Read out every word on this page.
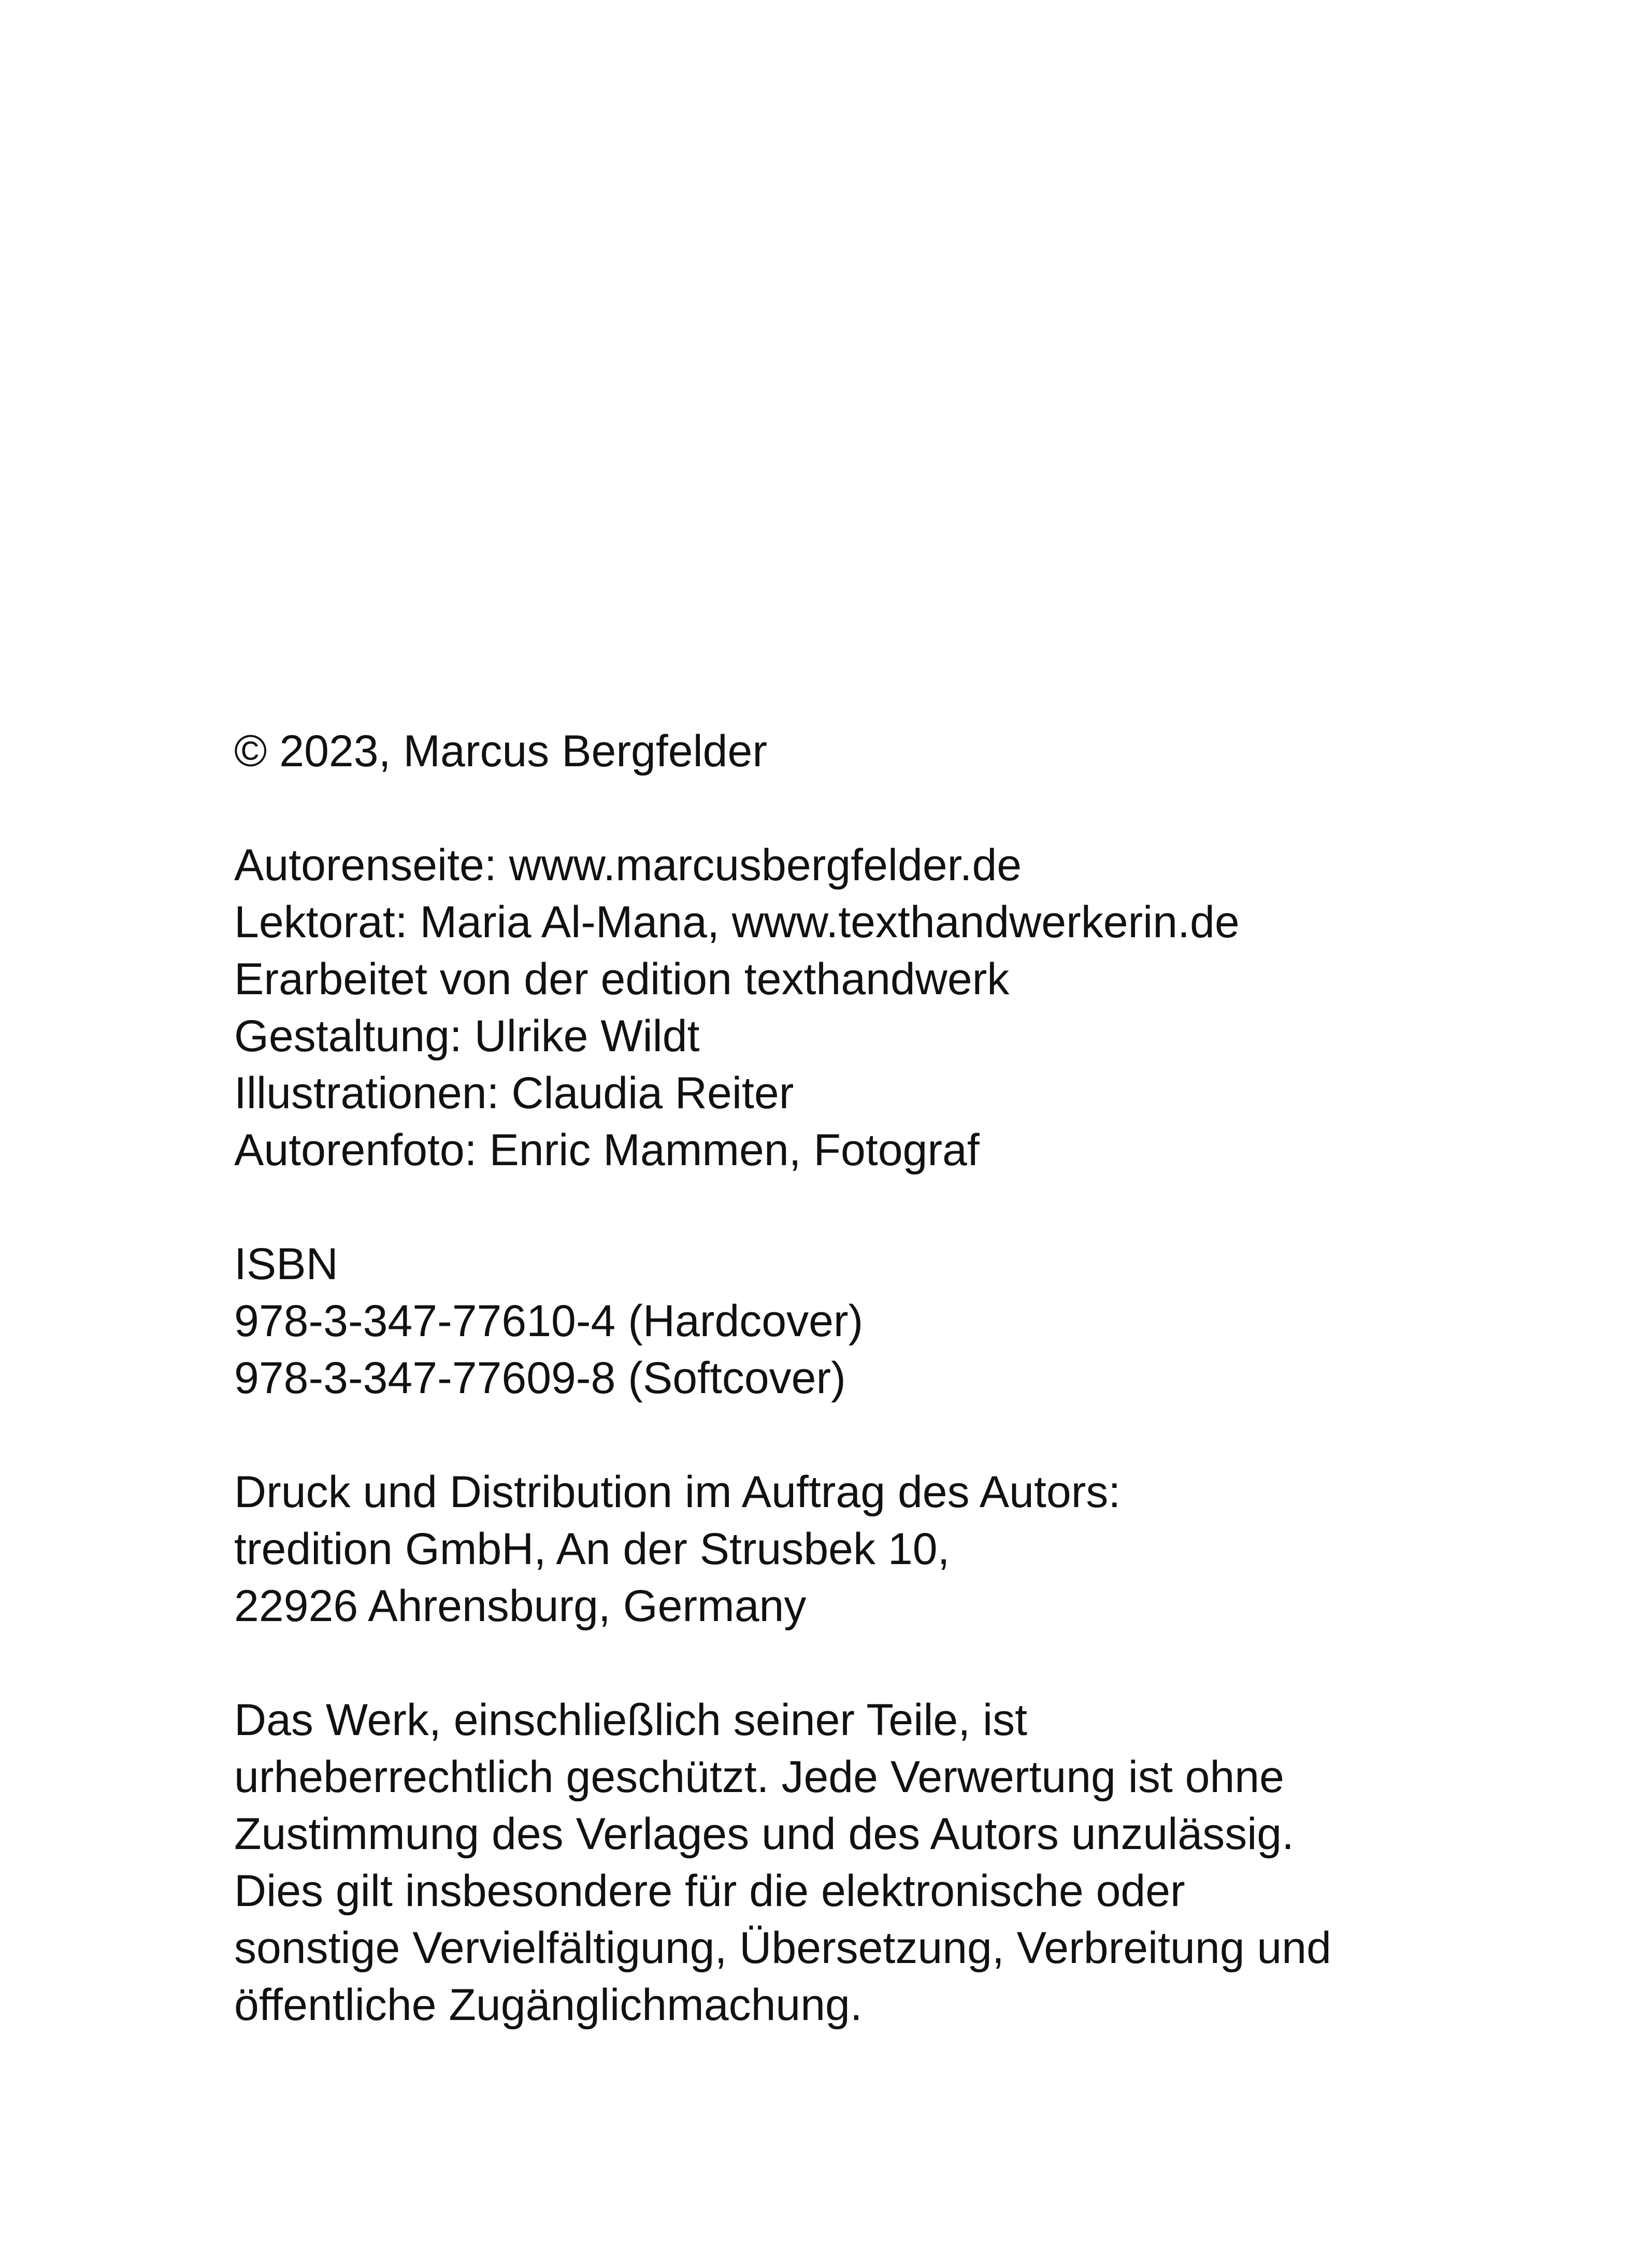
© 2023, Marcus Bergfelder
Autorenseite: www.marcusbergfelder.de
Lektorat: Maria Al-Mana, www.texthandwerkerin.de
Erarbeitet von der edition texthandwerk
Gestaltung: Ulrike Wildt
Illustrationen: Claudia Reiter
Autorenfoto: Enric Mammen, Fotograf
ISBN
978-3-347-77610-4 (Hardcover)
978-3-347-77609-8 (Softcover)
Druck und Distribution im Auftrag des Autors:
tredition GmbH, An der Strusbek 10,
22926 Ahrensburg, Germany
Das Werk, einschließlich seiner Teile, ist
urheberrechtlich geschützt. Jede Verwertung ist ohne
Zustimmung des Verlages und des Autors unzulässig.
Dies gilt insbesondere für die elektronische oder
sonstige Vervielfältigung, Übersetzung, Verbreitung und
öffentliche Zugänglichmachung.
